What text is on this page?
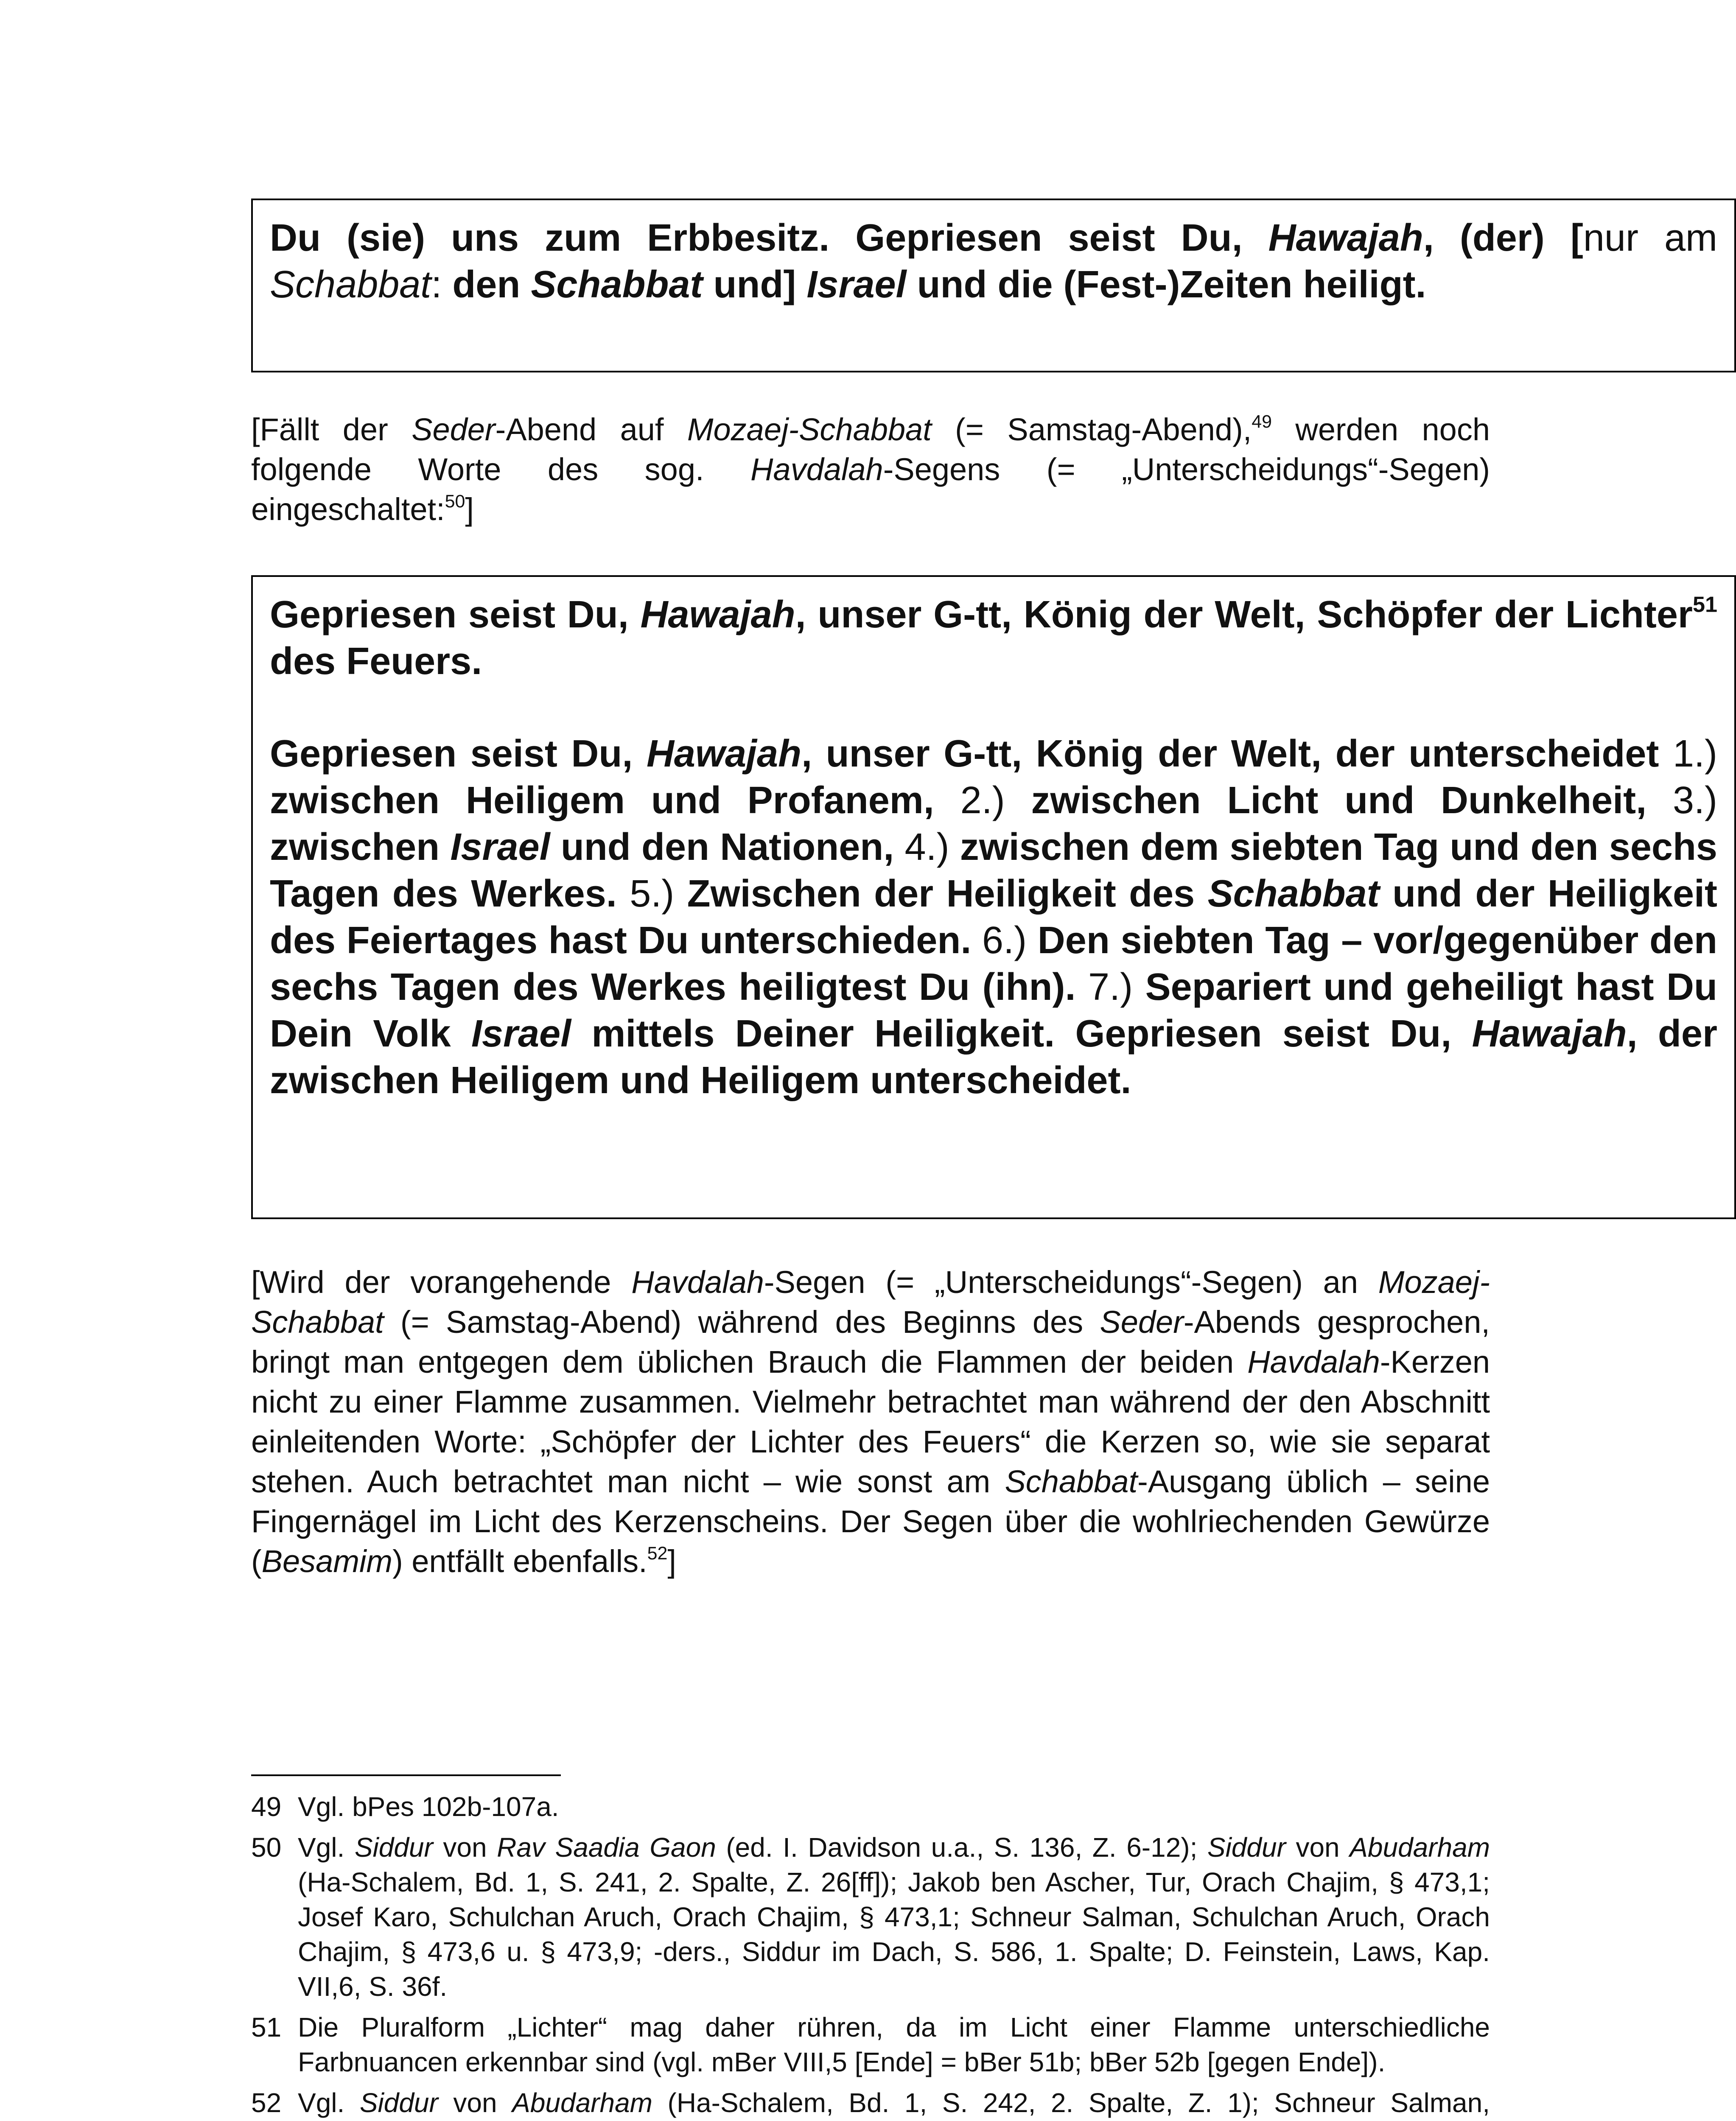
Du (sie) uns zum Erbbesitz. Gepriesen seist Du, Hawajah, (der) [nur am Schabbat: den Schabbat und] Israel und die (Fest-)Zeiten heiligt.

[Fällt der Seder-Abend auf Mozaej-Schabbat (= Samstag-Abend),$^{49}$ werden noch folgende Worte des sog. Havdalah-Segens (= „Unterscheidungs“-Segen) eingeschaltet:$^{50}$]

Gepriesen seist Du, Hawajah, unser G-tt, König der Welt, Schöpfer der Lichter$^{51}$ des Feuers.

Gepriesen seist Du, Hawajah, unser G-tt, König der Welt, der unterscheidet 1.) zwischen Heiligem und Profanem, 2.) zwischen Licht und Dunkelheit, 3.) zwischen Israel und den Nationen, 4.) zwischen dem siebten Tag und den sechs Tagen des Werkes. 5.) Zwischen der Heiligkeit des Schabbat und der Heiligkeit des Feiertages hast Du unterschieden. 6.) Den siebten Tag – vor/gegenüber den sechs Tagen des Werkes heiligtest Du (ihn). 7.) Separiert und geheiligt hast Du Dein Volk Israel mittels Deiner Heiligkeit. Gepriesen seist Du, Hawajah, der zwischen Heiligem und Heiligem unterscheidet.

[Wird der vorangehende Havdalah-Segen (= „Unterscheidungs“-Segen) an Mozaej-Schabbat (= Samstag-Abend) während des Beginns des Seder-Abends gesprochen, bringt man entgegen dem üblichen Brauch die Flammen der beiden Havdalah-Kerzen nicht zu einer Flamme zusammen. Vielmehr betrachtet man während der den Abschnitt einleitenden Worte: „Schöpfer der Lichter des Feuers“ die Kerzen so, wie sie separat stehen. Auch betrachtet man nicht – wie sonst am Schabbat-Ausgang üblich – seine Fingernägel im Licht des Kerzenscheins. Der Segen über die wohlriechenden Gewürze (Besamim) entfällt ebenfalls.$^{52}$]

49 Vgl. bPes 102b-107a.
50 Vgl. Siddur von Rav Saadia Gaon (ed. I. Davidson u.a., S. 136, Z. 6-12); Siddur von Abudarham (Ha-Schalem, Bd. 1, S. 241, 2. Spalte, Z. 26[ff]); Jakob ben Ascher, Tur, Orach Chajim, § 473,1; Josef Karo, Schulchan Aruch, Orach Chajim, § 473,1; Schneur Salman, Schulchan Aruch, Orach Chajim, § 473,6 u. § 473,9; -ders., Siddur im Dach, S. 586, 1. Spalte; D. Feinstein, Laws, Kap. VII,6, S. 36f.
51 Die Pluralform „Lichter“ mag daher rühren, da im Licht einer Flamme unterschiedliche Farbnuancen erkennbar sind (vgl. mBer VIII,5 [Ende] = bBer 51b; bBer 52b [gegen Ende]).
52 Vgl. Siddur von Abudarham (Ha-Schalem, Bd. 1, S. 242, 2. Spalte, Z. 1); Schneur Salman,
